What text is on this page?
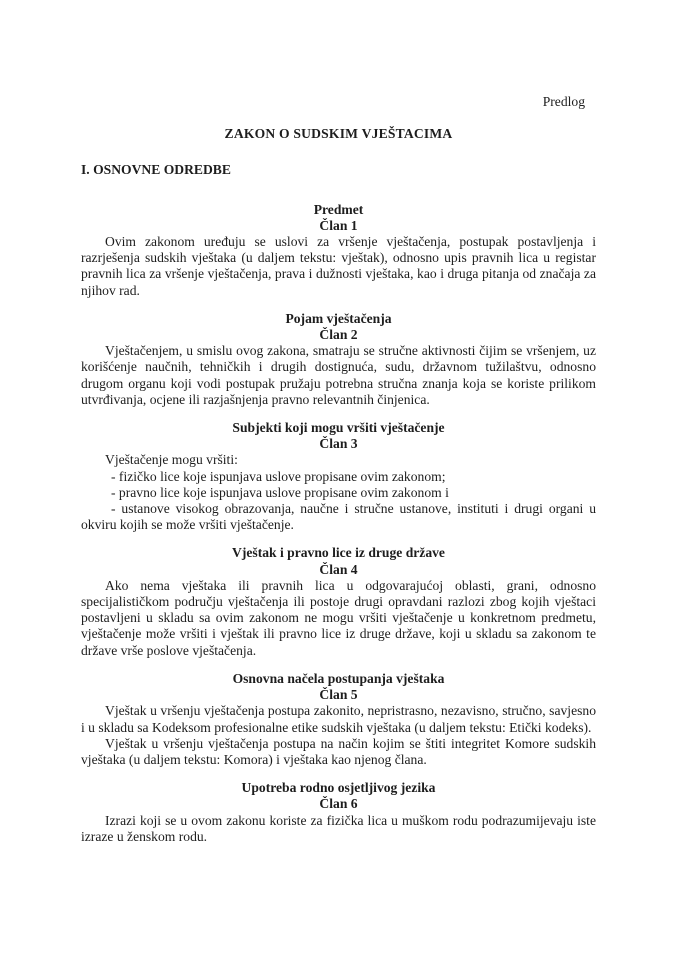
Predlog
ZAKON O SUDSKIM VJEŠTACIMA
I. OSNOVNE ODREDBE
Predmet
Član 1

Ovim zakonom uređuju se uslovi za vršenje vještačenja, postupak postavljenja i razrješenja sudskih vještaka (u daljem tekstu: vještak), odnosno upis pravnih lica u registar pravnih lica za vršenje vještačenja, prava i dužnosti vještaka, kao i druga pitanja od značaja za njihov rad.

Pojam vještačenja
Član 2

Vještačenjem, u smislu ovog zakona, smatraju se stručne aktivnosti čijim se vršenjem, uz korišćenje naučnih, tehničkih i drugih dostignuća, sudu, državnom tužilaštvu, odnosno drugom organu koji vodi postupak pružaju potrebna stručna znanja koja se koriste prilikom utvrđivanja, ocjene ili razjašnjenja pravno relevantnih činjenica.

Subjekti koji mogu vršiti vještačenje
Član 3

Vještačenje mogu vršiti:

- fizičko lice koje ispunjava uslove propisane ovim zakonom;

- pravno lice koje ispunjava uslove propisane ovim zakonom i

- ustanove visokog obrazovanja, naučne i stručne ustanove, instituti i drugi organi u okviru kojih se može vršiti vještačenje.

Vještak i pravno lice iz druge države
Član 4

Ako nema vještaka ili pravnih lica u odgovarajućoj oblasti, grani, odnosno specijalističkom području vještačenja ili postoje drugi opravdani razlozi zbog kojih vještaci postavljeni u skladu sa ovim zakonom ne mogu vršiti vještačenje u konkretnom predmetu, vještačenje može vršiti i vještak ili pravno lice iz druge države, koji u skladu sa zakonom te države vrše poslove vještačenja.

Osnovna načela postupanja vještaka
Član 5

Vještak u vršenju vještačenja postupa zakonito, nepristrasno, nezavisno, stručno, savjesno i u skladu sa Kodeksom profesionalne etike sudskih vještaka (u daljem tekstu: Etički kodeks).

Vještak u vršenju vještačenja postupa na način kojim se štiti integritet Komore sudskih vještaka (u daljem tekstu: Komora) i vještaka kao njenog člana.

Upotreba rodno osjetljivog jezika
Član 6

Izrazi koji se u ovom zakonu koriste za fizička lica u muškom rodu podrazumijevaju iste izraze u ženskom rodu.
